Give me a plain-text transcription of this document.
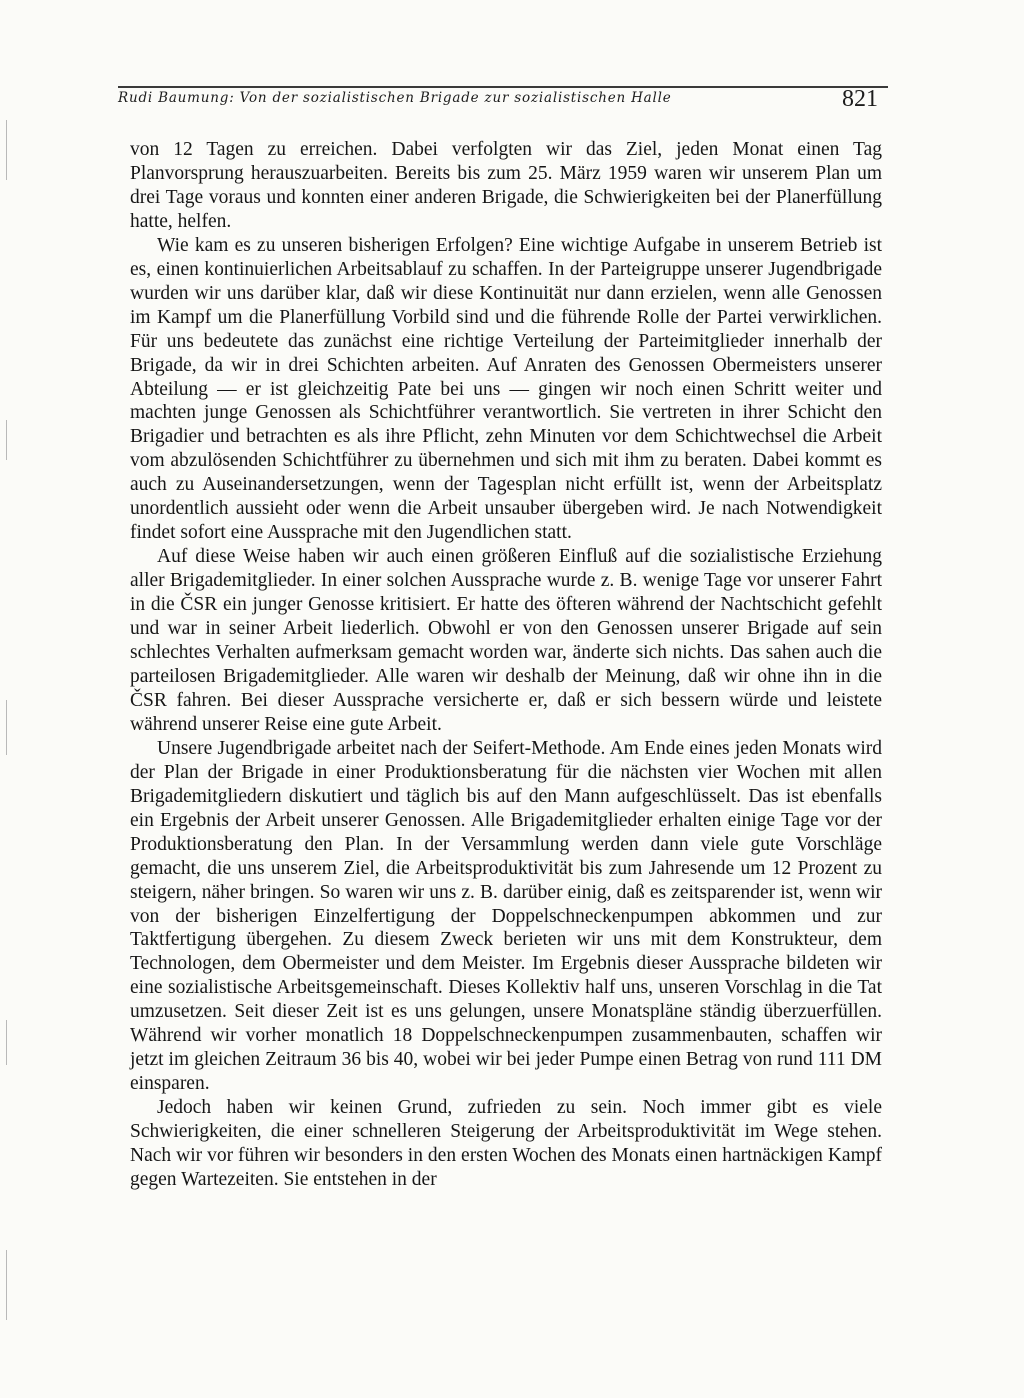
Rudi Baumung: Von der sozialistischen Brigade zur sozialistischen Halle	821

von 12 Tagen zu erreichen. Dabei verfolgten wir das Ziel, jeden Monat einen Tag Planvorsprung herauszuarbeiten. Bereits bis zum 25. März 1959 waren wir unserem Plan um drei Tage voraus und konnten einer anderen Brigade, die Schwierigkeiten bei der Planerfüllung hatte, helfen.

Wie kam es zu unseren bisherigen Erfolgen? Eine wichtige Aufgabe in unserem Betrieb ist es, einen kontinuierlichen Arbeitsablauf zu schaffen. In der Parteigruppe unserer Jugendbrigade wurden wir uns darüber klar, daß wir diese Kontinuität nur dann erzielen, wenn alle Genossen im Kampf um die Planerfüllung Vorbild sind und die führende Rolle der Partei verwirklichen. Für uns bedeutete das zunächst eine richtige Verteilung der Parteimitglieder innerhalb der Brigade, da wir in drei Schichten arbeiten. Auf Anraten des Genossen Obermeisters unserer Abteilung — er ist gleichzeitig Pate bei uns — gingen wir noch einen Schritt weiter und machten junge Genossen als Schichtführer verantwortlich. Sie vertreten in ihrer Schicht den Brigadier und betrachten es als ihre Pflicht, zehn Minuten vor dem Schichtwechsel die Arbeit vom abzulösenden Schichtführer zu übernehmen und sich mit ihm zu beraten. Dabei kommt es auch zu Auseinandersetzungen, wenn der Tagesplan nicht erfüllt ist, wenn der Arbeitsplatz unordentlich aussieht oder wenn die Arbeit unsauber übergeben wird. Je nach Notwendigkeit findet sofort eine Aussprache mit den Jugendlichen statt.

Auf diese Weise haben wir auch einen größeren Einfluß auf die sozialistische Erziehung aller Brigademitglieder. In einer solchen Aussprache wurde z. B. wenige Tage vor unserer Fahrt in die ČSR ein junger Genosse kritisiert. Er hatte des öfteren während der Nachtschicht gefehlt und war in seiner Arbeit liederlich. Obwohl er von den Genossen unserer Brigade auf sein schlechtes Verhalten aufmerksam gemacht worden war, änderte sich nichts. Das sahen auch die parteilosen Brigademitglieder. Alle waren wir deshalb der Meinung, daß wir ohne ihn in die ČSR fahren. Bei dieser Aussprache versicherte er, daß er sich bessern würde und leistete während unserer Reise eine gute Arbeit.

Unsere Jugendbrigade arbeitet nach der Seifert-Methode. Am Ende eines jeden Monats wird der Plan der Brigade in einer Produktionsberatung für die nächsten vier Wochen mit allen Brigademitgliedern diskutiert und täglich bis auf den Mann aufgeschlüsselt. Das ist ebenfalls ein Ergebnis der Arbeit unserer Genossen. Alle Brigademitglieder erhalten einige Tage vor der Produktionsberatung den Plan. In der Versammlung werden dann viele gute Vorschläge gemacht, die uns unserem Ziel, die Arbeitsproduktivität bis zum Jahresende um 12 Prozent zu steigern, näher bringen. So waren wir uns z. B. darüber einig, daß es zeitsparender ist, wenn wir von der bisherigen Einzelfertigung der Doppelschneckenpumpen abkommen und zur Taktfertigung übergehen. Zu diesem Zweck berieten wir uns mit dem Konstrukteur, dem Technologen, dem Obermeister und dem Meister. Im Ergebnis dieser Aussprache bildeten wir eine sozialistische Arbeitsgemeinschaft. Dieses Kollektiv half uns, unseren Vorschlag in die Tat umzusetzen. Seit dieser Zeit ist es uns gelungen, unsere Monatspläne ständig überzuerfüllen. Während wir vorher monatlich 18 Doppelschneckenpumpen zusammenbauten, schaffen wir jetzt im gleichen Zeitraum 36 bis 40, wobei wir bei jeder Pumpe einen Betrag von rund 111 DM einsparen.

Jedoch haben wir keinen Grund, zufrieden zu sein. Noch immer gibt es viele Schwierigkeiten, die einer schnelleren Steigerung der Arbeitsproduktivität im Wege stehen. Nach wir vor führen wir besonders in den ersten Wochen des Monats einen hartnäckigen Kampf gegen Wartezeiten. Sie entstehen in der
